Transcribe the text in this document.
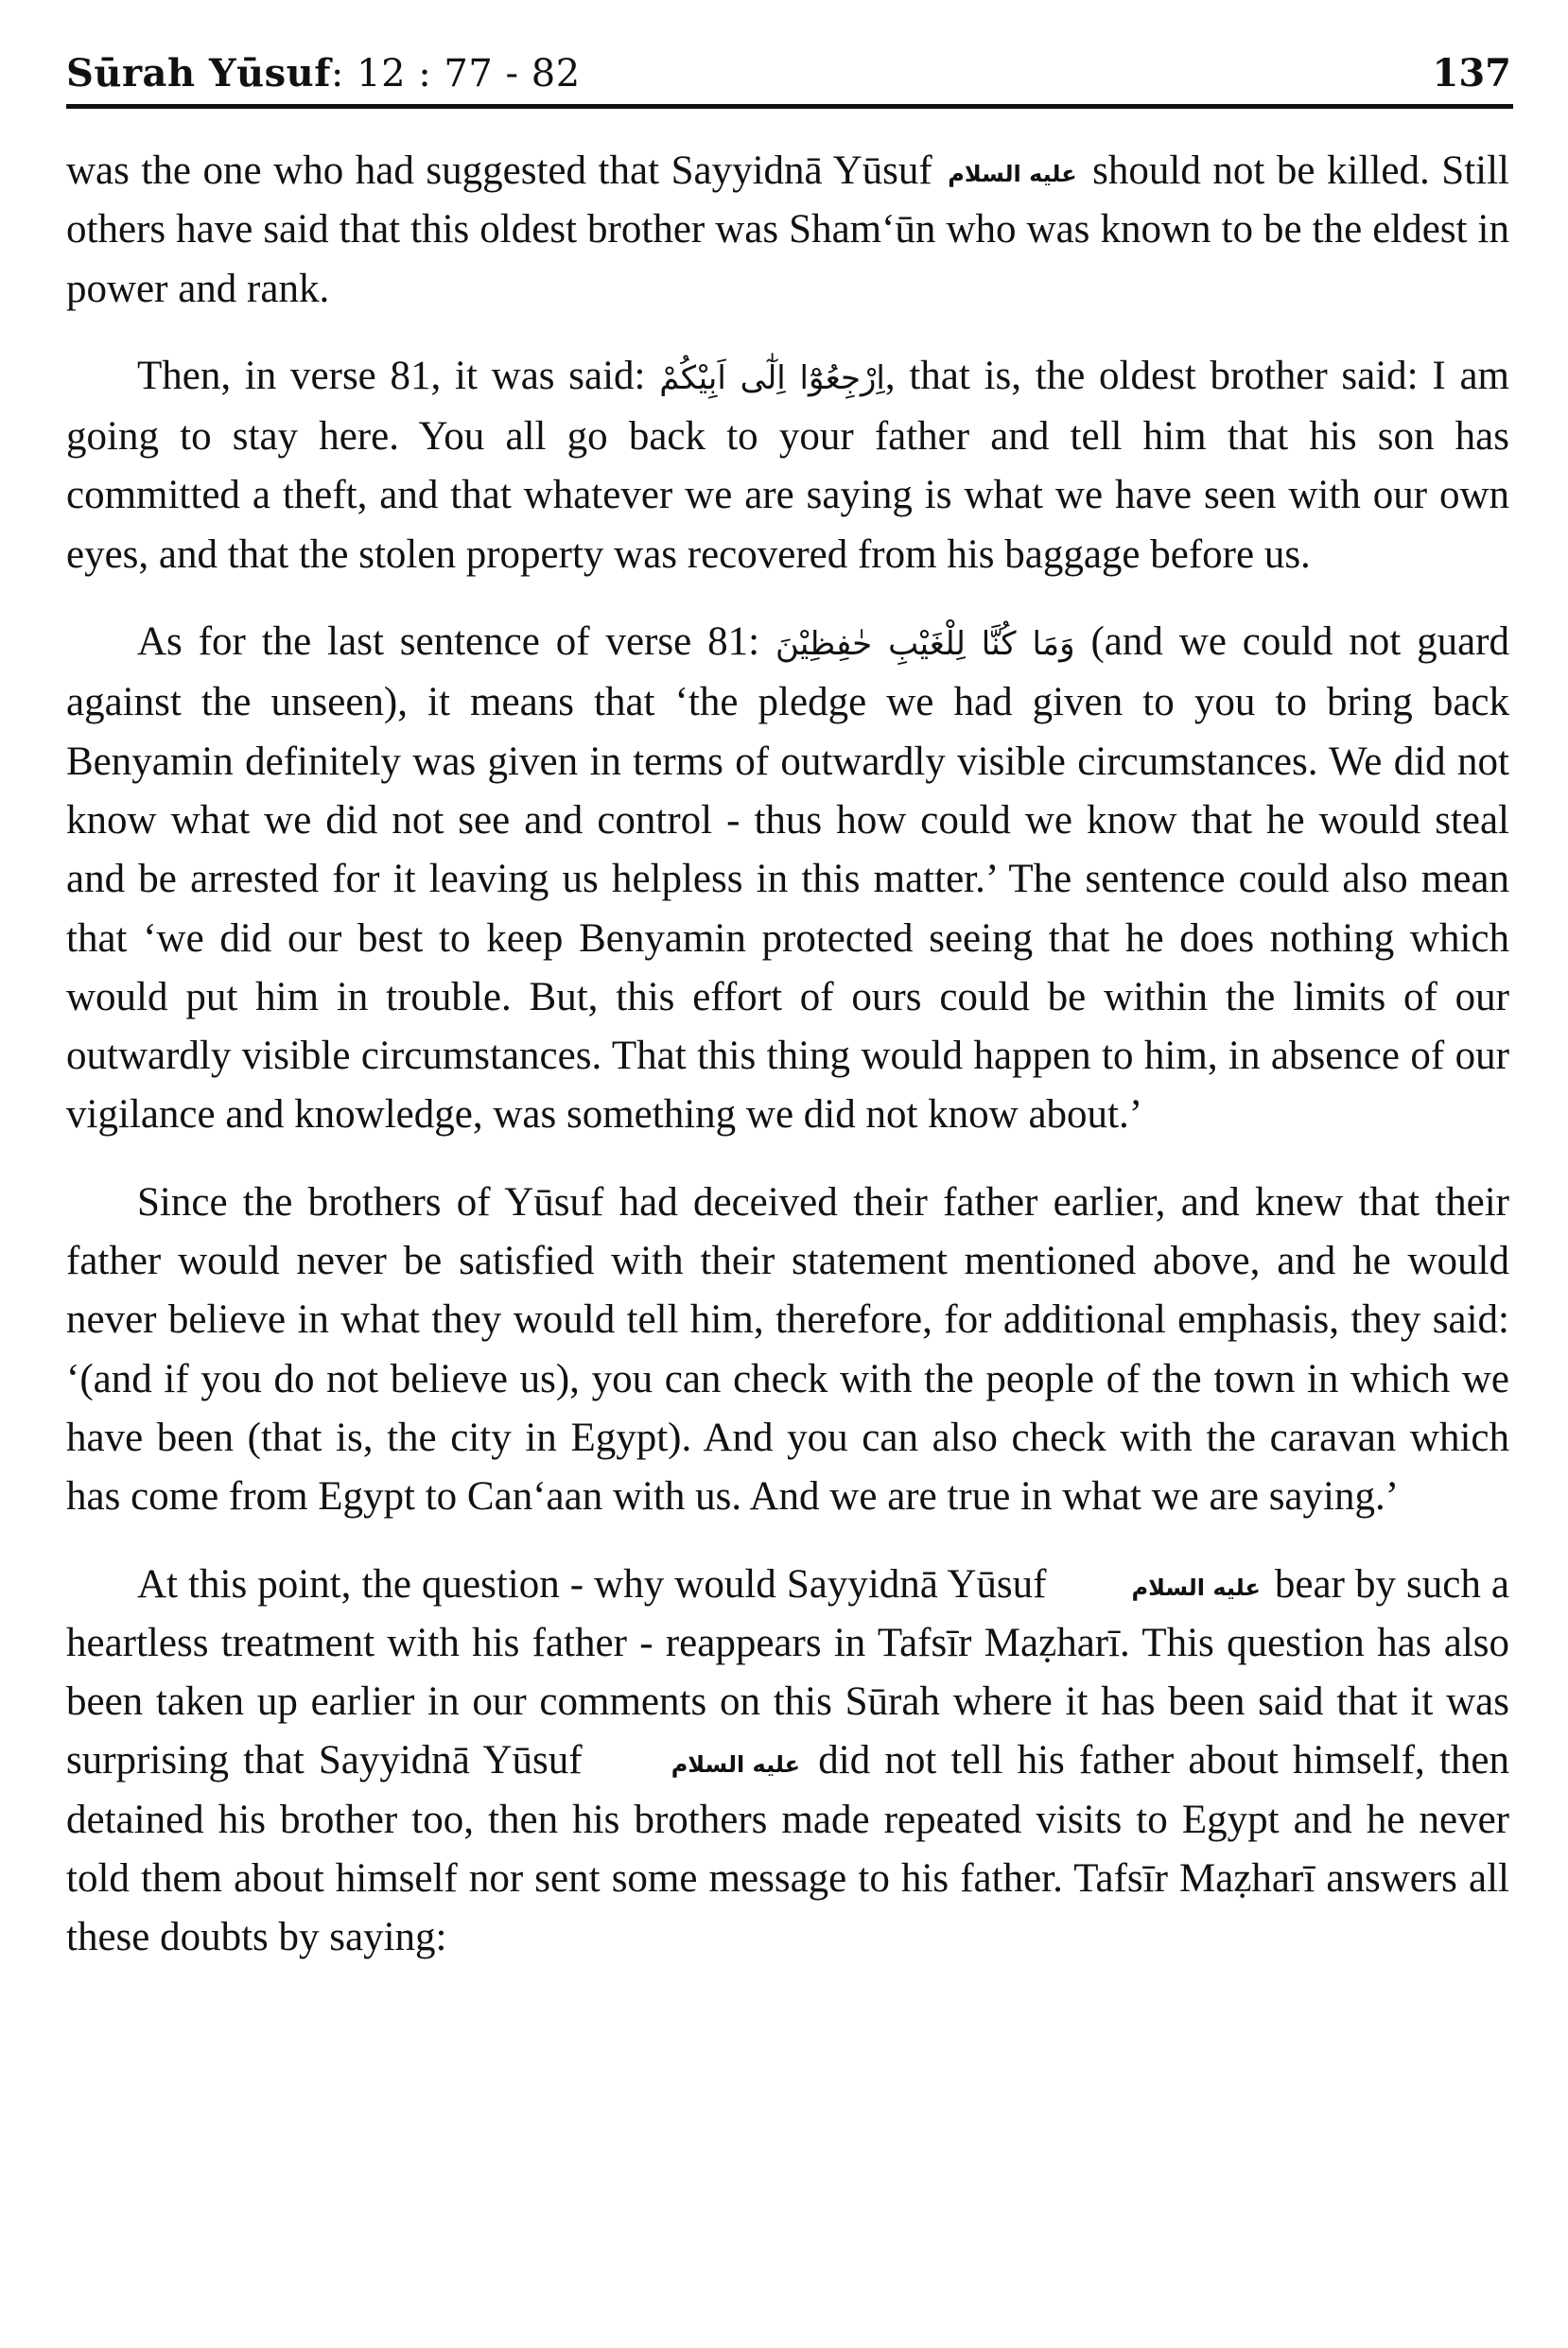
Sūrah Yūsuf: 12 : 77 - 82	137

was the one who had suggested that Sayyidnā Yūsuf عليه السلام should not be killed. Still others have said that this oldest brother was Sham‘ūn who was known to be the eldest in power and rank.

Then, in verse 81, it was said: اِرْجِعُوْٓا اِلٰٓى اَبِيْكُمْ, that is, the oldest brother said: I am going to stay here. You all go back to your father and tell him that his son has committed a theft, and that whatever we are saying is what we have seen with our own eyes, and that the stolen property was recovered from his baggage before us.

As for the last sentence of verse 81: وَمَا كُنَّا لِلْغَيْبِ حٰفِظِيْنَ (and we could not guard against the unseen), it means that ‘the pledge we had given to you to bring back Benyamin definitely was given in terms of outwardly visible circumstances. We did not know what we did not see and control - thus how could we know that he would steal and be arrested for it leaving us helpless in this matter.’ The sentence could also mean that ‘we did our best to keep Benyamin protected seeing that he does nothing which would put him in trouble. But, this effort of ours could be within the limits of our outwardly visible circumstances. That this thing would happen to him, in absence of our vigilance and knowledge, was something we did not know about.’

Since the brothers of Yūsuf had deceived their father earlier, and knew that their father would never be satisfied with their statement mentioned above, and he would never believe in what they would tell him, therefore, for additional emphasis, they said: ‘(and if you do not believe us), you can check with the people of the town in which we have been (that is, the city in Egypt). And you can also check with the caravan which has come from Egypt to Can‘aan with us. And we are true in what we are saying.’

At this point, the question - why would Sayyidnā Yūsuf	عليه السلام bear by such a heartless treatment with his father - reappears in Tafsīr Maẓharī. This question has also been taken up earlier in our comments on this Sūrah where it has been said that it was surprising that Sayyidnā Yūsuf	عليه السلام did not tell his father about himself, then detained his brother too, then his brothers made repeated visits to Egypt and he never told them about himself nor sent some message to his father. Tafsīr Maẓharī answers all these doubts by saying:
